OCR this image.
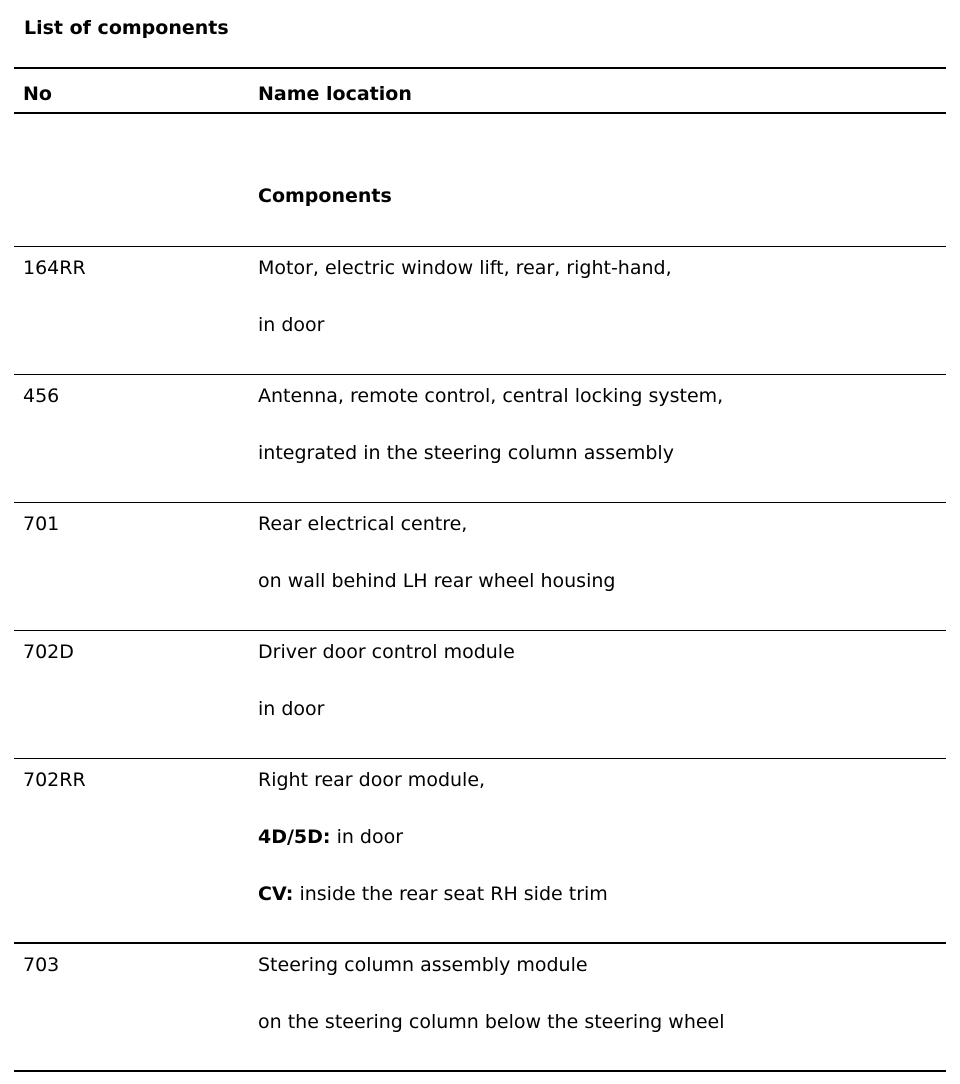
List of components
No	Name location
Components
164RR	Motor, electric window lift, rear, right-hand,
in door
456	Antenna, remote control, central locking system,
integrated in the steering column assembly
701	Rear electrical centre,
on wall behind LH rear wheel housing
702D	Driver door control module
in door
702RR	Right rear door module,
4D/5D: in door
CV: inside the rear seat RH side trim
703	Steering column assembly module
on the steering column below the steering wheel
